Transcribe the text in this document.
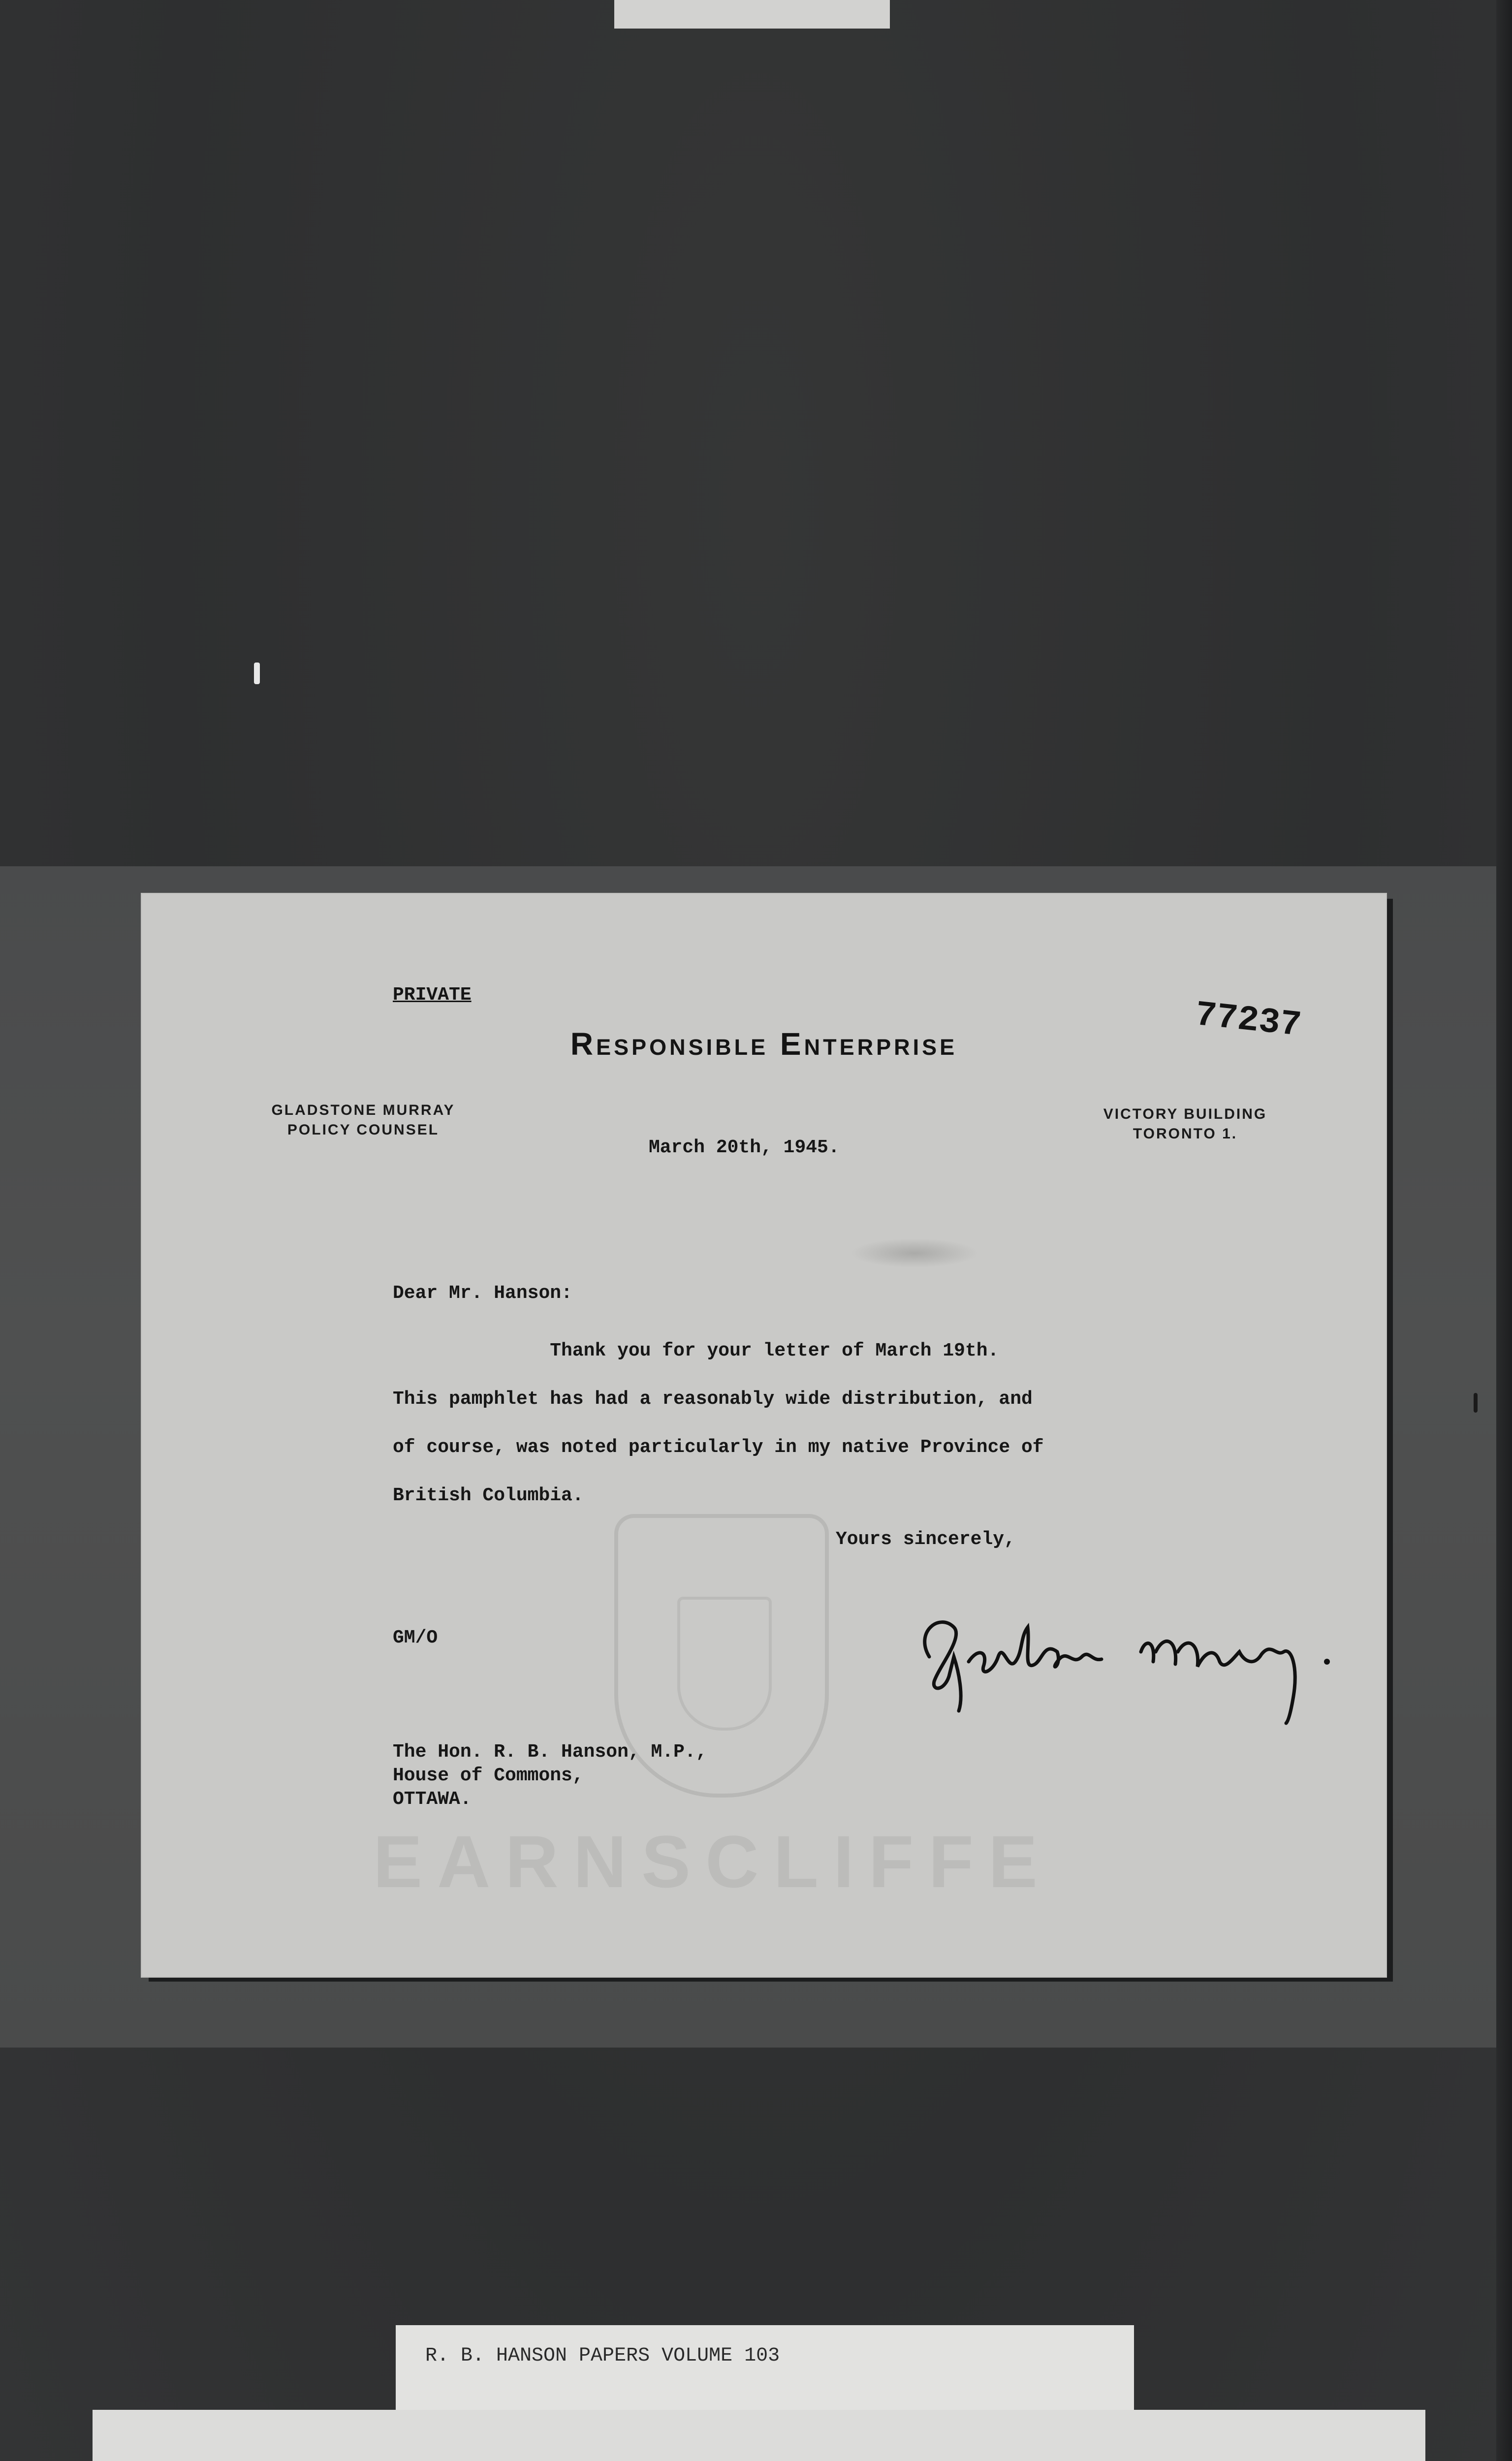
EARNSCLIFFE
PRIVATE
Responsible Enterprise	77237
GLADSTONE MURRAY
POLICY COUNSEL
VICTORY BUILDING
TORONTO 1.
March 20th, 1945.
Dear Mr. Hanson:
Thank you for your letter of March 19th.
This pamphlet has had a reasonably wide distribution, and
of course, was noted particularly in my native Province of
British Columbia.
Yours sincerely,
GM/O
The Hon. R. B. Hanson, M.P.,
House of Commons,
OTTAWA.
R. B. HANSON PAPERS VOLUME 103
